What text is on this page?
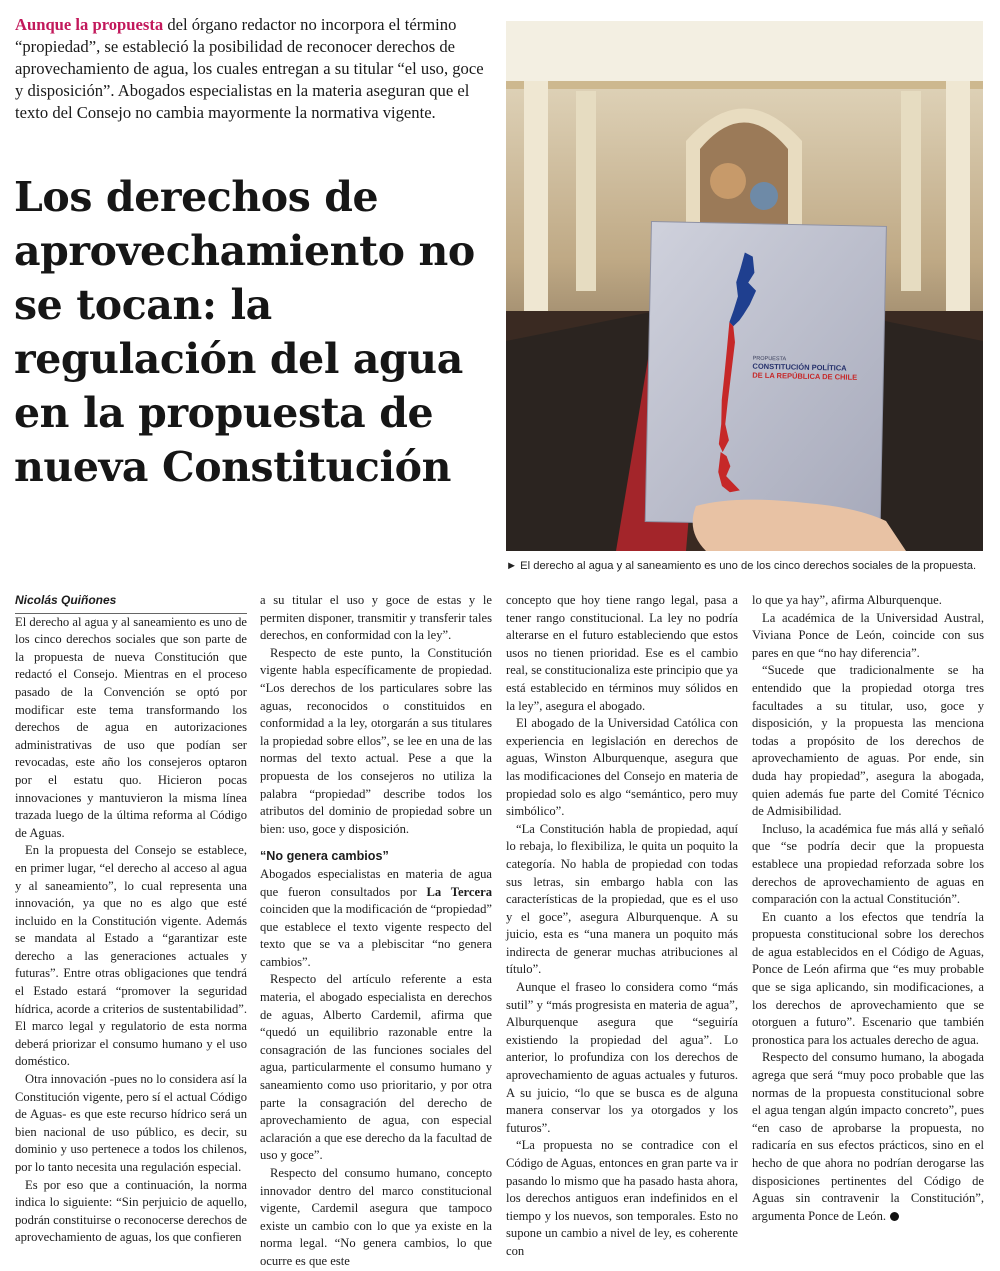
Aunque la propuesta del órgano redactor no incorpora el término “propiedad”, se estableció la posibilidad de reconocer derechos de aprovechamiento de agua, los cuales entregan a su titular “el uso, goce y disposición”. Abogados especialistas en la materia aseguran que el texto del Consejo no cambia mayormente la normativa vigente.

Los derechos de aprovechamiento no se tocan: la regulación del agua en la propuesta de nueva Constitución
PROPUESTA
CONSTITUCIÓN POLÍTICA
DE LA REPÚBLICA DE CHILE

► El derecho al agua y al saneamiento es uno de los cinco derechos sociales de la propuesta.

Nicolás Quiñones

El derecho al agua y al saneamiento es uno de los cinco derechos sociales que son parte de la propuesta de nueva Constitución que redactó el Consejo. Mientras en el proceso pasado de la Convención se optó por modificar este tema transformando los derechos de agua en autorizaciones administrativas de uso que podían ser revocadas, este año los consejeros optaron por el estatu quo. Hicieron pocas innovaciones y mantuvieron la misma línea trazada luego de la última reforma al Código de Aguas.

En la propuesta del Consejo se establece, en primer lugar, “el derecho al acceso al agua y al saneamiento”, lo cual representa una innovación, ya que no es algo que esté incluido en la Constitución vigente. Además se mandata al Estado a “garantizar este derecho a las generaciones actuales y futuras”. Entre otras obligaciones que tendrá el Estado estará “promover la seguridad hídrica, acorde a criterios de sustentabilidad”. El marco legal y regulatorio de esta norma deberá priorizar el consumo humano y el uso doméstico.

Otra innovación -pues no lo considera así la Constitución vigente, pero sí el actual Código de Aguas- es que este recurso hídrico será un bien nacional de uso público, es decir, su dominio y uso pertenece a todos los chilenos, por lo tanto necesita una regulación especial.

Es por eso que a continuación, la norma indica lo siguiente: “Sin perjuicio de aquello, podrán constituirse o reconocerse derechos de aprovechamiento de aguas, los que confieren

a su titular el uso y goce de estas y le permiten disponer, transmitir y transferir tales derechos, en conformidad con la ley”.

Respecto de este punto, la Constitución vigente habla específicamente de propiedad. “Los derechos de los particulares sobre las aguas, reconocidos o constituidos en conformidad a la ley, otorgarán a sus titulares la propiedad sobre ellos”, se lee en una de las normas del texto actual. Pese a que la propuesta de los consejeros no utiliza la palabra “propiedad” describe todos los atributos del dominio de propiedad sobre un bien: uso, goce y disposición.

“No genera cambios”

Abogados especialistas en materia de agua que fueron consultados por La Tercera coinciden que la modificación de “propiedad” que establece el texto vigente respecto del texto que se va a plebiscitar “no genera cambios”.

Respecto del artículo referente a esta materia, el abogado especialista en derechos de aguas, Alberto Cardemil, afirma que “quedó un equilibrio razonable entre la consagración de las funciones sociales del agua, particularmente el consumo humano y saneamiento como uso prioritario, y por otra parte la consagración del derecho de aprovechamiento de agua, con especial aclaración a que ese derecho da la facultad de uso y goce”.

Respecto del consumo humano, concepto innovador dentro del marco constitucional vigente, Cardemil asegura que tampoco existe un cambio con lo que ya existe en la norma legal. “No genera cambios, lo que ocurre es que este

concepto que hoy tiene rango legal, pasa a tener rango constitucional. La ley no podría alterarse en el futuro estableciendo que estos usos no tienen prioridad. Ese es el cambio real, se constitucionaliza este principio que ya está establecido en términos muy sólidos en la ley”, asegura el abogado.

El abogado de la Universidad Católica con experiencia en legislación en derechos de aguas, Winston Alburquenque, asegura que las modificaciones del Consejo en materia de propiedad solo es algo “semántico, pero muy simbólico”.

“La Constitución habla de propiedad, aquí lo rebaja, lo flexibiliza, le quita un poquito la categoría. No habla de propiedad con todas sus letras, sin embargo habla con las características de la propiedad, que es el uso y el goce”, asegura Alburquenque. A su juicio, esta es “una manera un poquito más indirecta de generar muchas atribuciones al título”.

Aunque el fraseo lo considera como “más sutil” y “más progresista en materia de agua”, Alburquenque asegura que “seguiría existiendo la propiedad del agua”. Lo anterior, lo profundiza con los derechos de aprovechamiento de aguas actuales y futuros. A su juicio, “lo que se busca es de alguna manera conservar los ya otorgados y los futuros”.

“La propuesta no se contradice con el Código de Aguas, entonces en gran parte va ir pasando lo mismo que ha pasado hasta ahora, los derechos antiguos eran indefinidos en el tiempo y los nuevos, son temporales. Esto no supone un cambio a nivel de ley, es coherente con

lo que ya hay”, afirma Alburquenque.

La académica de la Universidad Austral, Viviana Ponce de León, coincide con sus pares en que “no hay diferencia”.

“Sucede que tradicionalmente se ha entendido que la propiedad otorga tres facultades a su titular, uso, goce y disposición, y la propuesta las menciona todas a propósito de los derechos de aprovechamiento de aguas. Por ende, sin duda hay propiedad”, asegura la abogada, quien además fue parte del Comité Técnico de Admisibilidad.

Incluso, la académica fue más allá y señaló que “se podría decir que la propuesta establece una propiedad reforzada sobre los derechos de aprovechamiento de aguas en comparación con la actual Constitución”.

En cuanto a los efectos que tendría la propuesta constitucional sobre los derechos de agua establecidos en el Código de Aguas, Ponce de León afirma que “es muy probable que se siga aplicando, sin modificaciones, a los derechos de aprovechamiento que se otorguen a futuro”. Escenario que también pronostica para los actuales derecho de agua.

Respecto del consumo humano, la abogada agrega que será “muy poco probable que las normas de la propuesta constitucional sobre el agua tengan algún impacto concreto”, pues “en caso de aprobarse la propuesta, no radicaría en sus efectos prácticos, sino en el hecho de que ahora no podrían derogarse las disposiciones pertinentes del Código de Aguas sin contravenir la Constitución”, argumenta Ponce de León.
